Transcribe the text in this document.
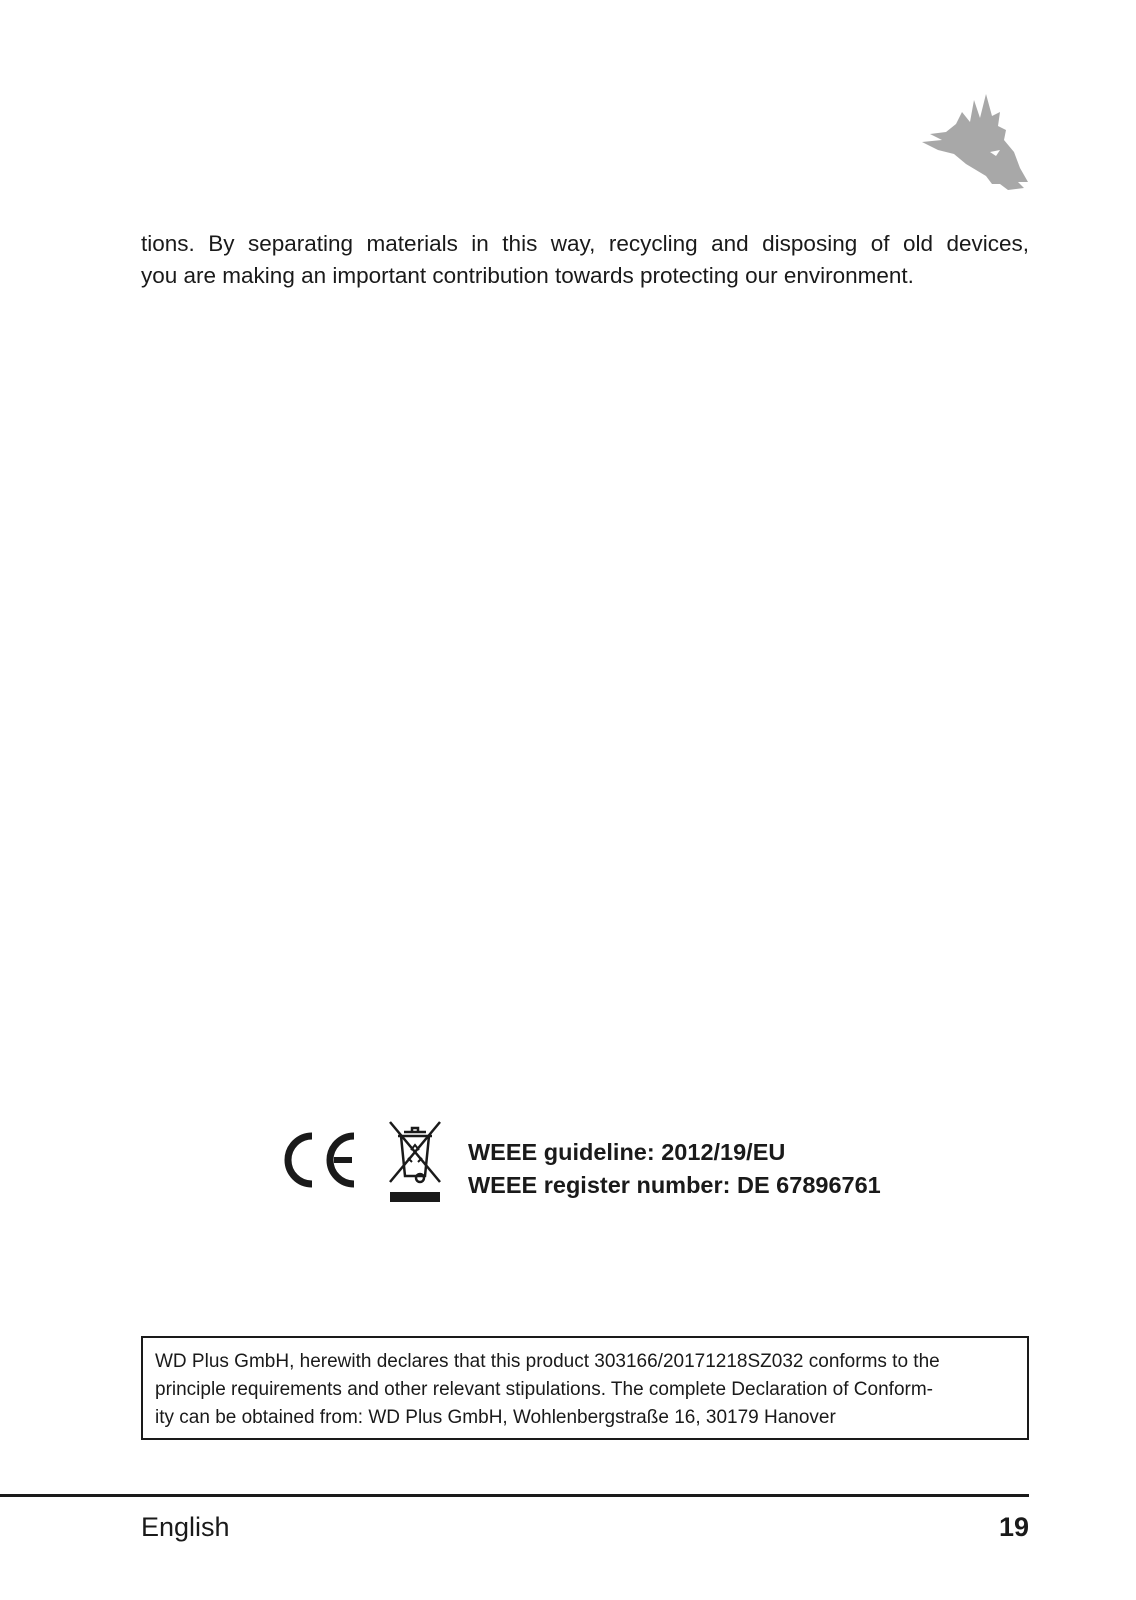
tions. By separating materials in this way, recycling and disposing of old devices,
you are making an important contribution towards protecting our environment.
WEEE guideline: 2012/19/EU
WEEE register number: DE 67896761
WD Plus GmbH, herewith declares that this product 303166/20171218SZ032 conforms to the
principle requirements and other relevant stipulations. The complete Declaration of Conform-
ity can be obtained from: WD Plus GmbH, Wohlenbergstraße 16, 30179 Hanover
English	19
